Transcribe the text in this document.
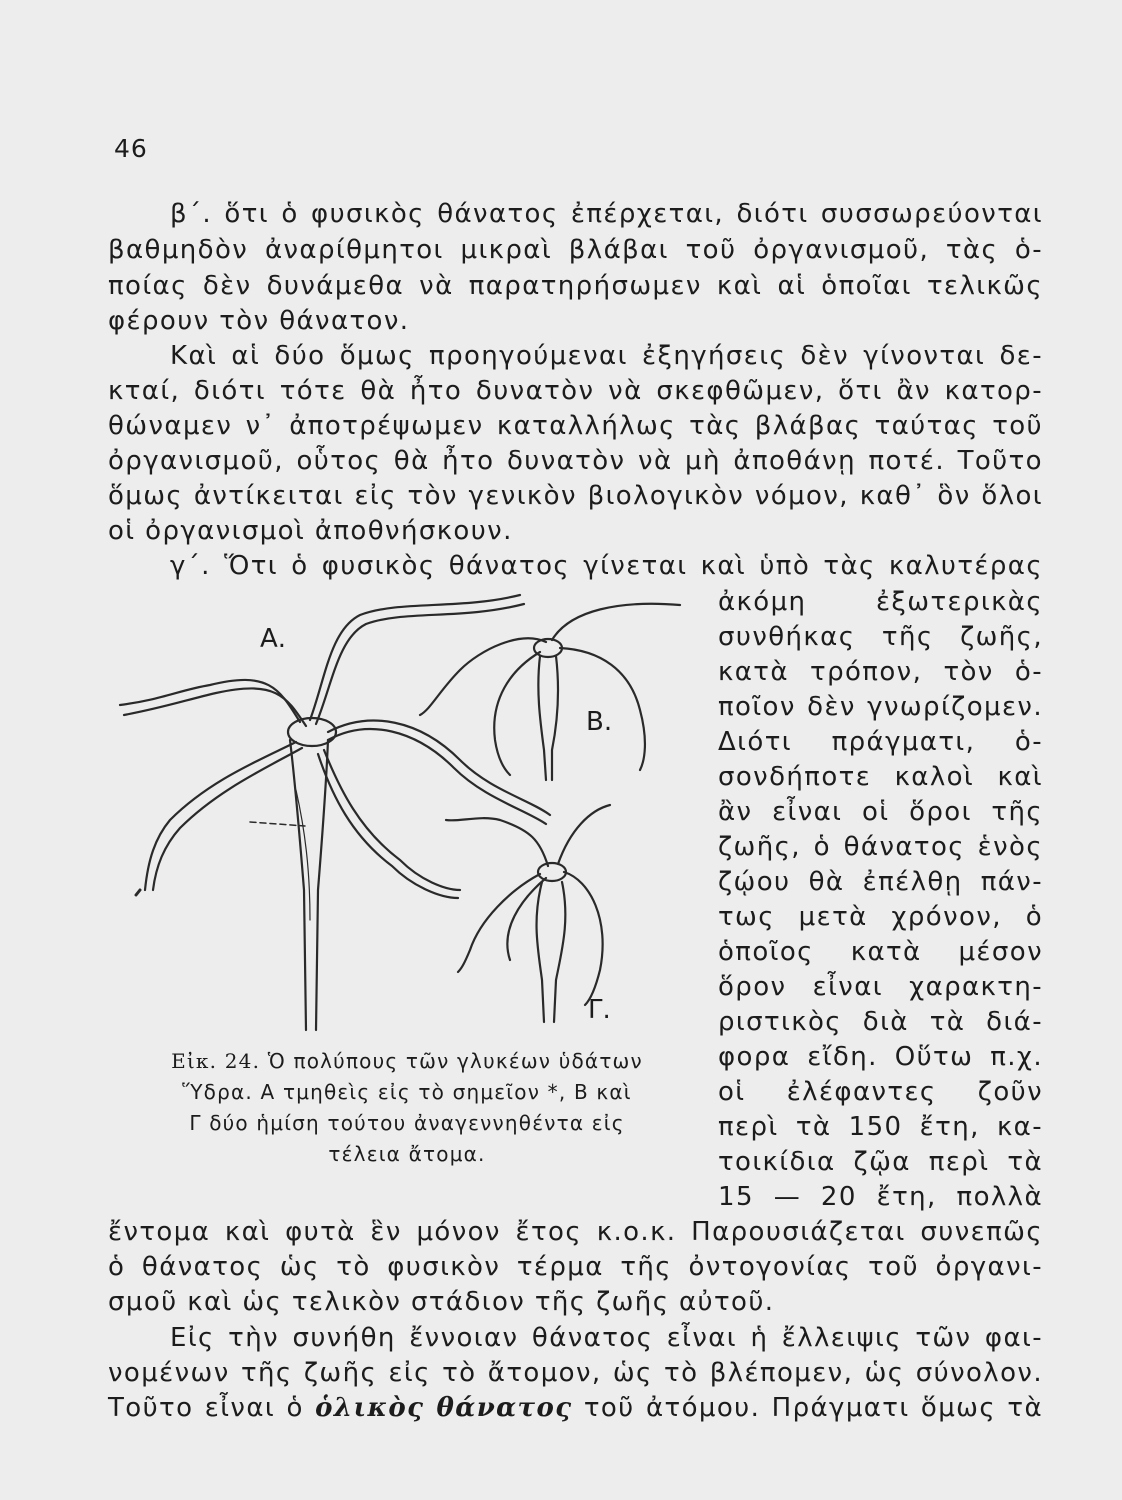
46
β΄. ὅτι ὁ φυσικὸς θάνατος ἐπέρχεται, διότι συσσωρεύονται
βαθμηδὸν ἀναρίθμητοι μικραὶ βλάβαι τοῦ ὀργανισμοῦ, τὰς ὁ-
ποίας δὲν δυνάμεθα νὰ παρατηρήσωμεν καὶ αἱ ὁποῖαι τελικῶς
φέρουν τὸν θάνατον.
Καὶ αἱ δύο ὅμως προηγούμεναι ἐξηγήσεις δὲν γίνονται δε-
κταί, διότι τότε θὰ ἦτο δυνατὸν νὰ σκεφθῶμεν, ὅτι ἂν κατορ-
θώναμεν ν᾽ ἀποτρέψωμεν καταλλήλως τὰς βλάβας ταύτας τοῦ
ὀργανισμοῦ, οὗτος θὰ ἦτο δυνατὸν νὰ μὴ ἀποθάνῃ ποτέ. Τοῦτο
ὅμως ἀντίκειται εἰς τὸν γενικὸν βιολογικὸν νόμον, καθ᾽ ὃν ὅλοι
οἱ ὀργανισμοὶ ἀποθνήσκουν.
γ΄. Ὅτι ὁ φυσικὸς θάνατος γίνεται καὶ ὑπὸ τὰς καλυτέρας
ἀκόμη ἐξωτερικὰς
συνθήκας τῆς ζωῆς,
κατὰ τρόπον, τὸν ὁ-
ποῖον δὲν γνωρίζομεν.
Διότι πράγματι, ὁ-
σονδήποτε καλοὶ καὶ
ἂν εἶναι οἱ ὅροι τῆς
ζωῆς, ὁ θάνατος ἑνὸς
ζῴου θὰ ἐπέλθῃ πάν-
τως μετὰ χρόνον, ὁ
ὁποῖος κατὰ μέσον
ὅρον εἶναι χαρακτη-
ριστικὸς διὰ τὰ διά-
φορα εἴδη. Οὕτω π.χ.
οἱ ἐλέφαντες ζοῦν
περὶ τὰ 150 ἔτη, κα-
τοικίδια ζῷα περὶ τὰ
15 — 20 ἔτη, πολλὰ
Α.
Β.
Γ.
Εἰκ. 24. Ὁ πολύπους τῶν γλυκέων ὑδάτων
Ὕδρα. Α τμηθεὶς εἰς τὸ σημεῖον *, Β καὶ
Γ δύο ἡμίση τούτου ἀναγεννηθέντα εἰς
τέλεια ἄτομα.
ἔντομα καὶ φυτὰ ἓν μόνον ἔτος κ.ο.κ. Παρουσιάζεται συνεπῶς
ὁ θάνατος ὡς τὸ φυσικὸν τέρμα τῆς ὀντογονίας τοῦ ὀργανι-
σμοῦ καὶ ὡς τελικὸν στάδιον τῆς ζωῆς αὐτοῦ.
Εἰς τὴν συνήθη ἔννοιαν θάνατος εἶναι ἡ ἔλλειψις τῶν φαι-
νομένων τῆς ζωῆς εἰς τὸ ἄτομον, ὡς τὸ βλέπομεν, ὡς σύνολον.
Τοῦτο εἶναι ὁ ὁλικὸς θάνατος τοῦ ἀτόμου. Πράγματι ὅμως τὰ
